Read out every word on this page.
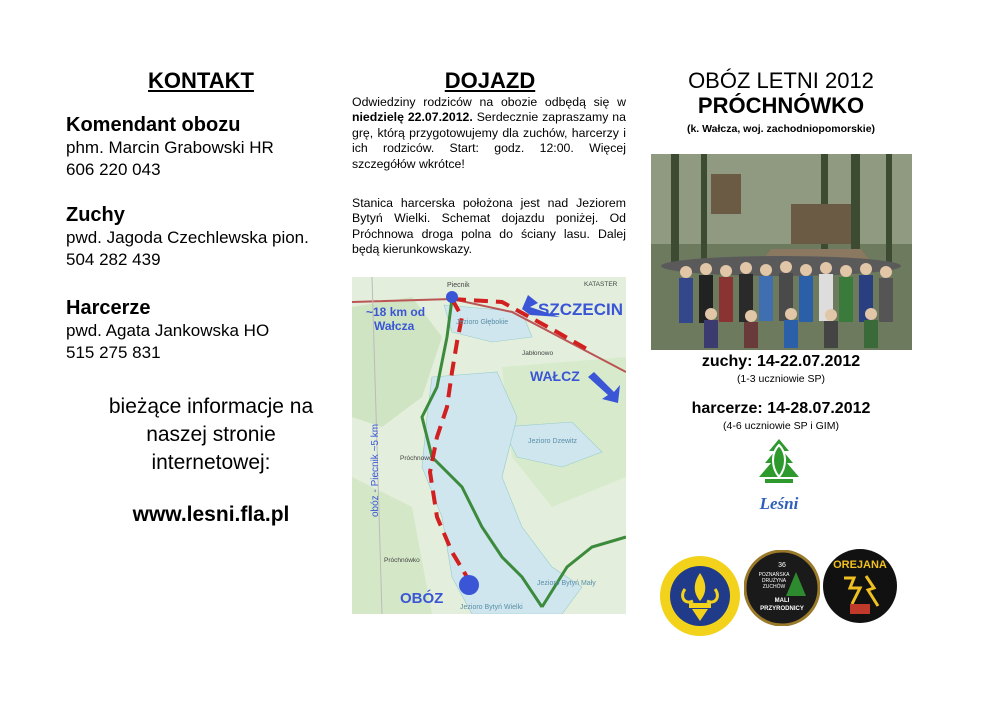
KONTAKT
Komendant obozu
phm. Marcin Grabowski HR
606 220 043
Zuchy
pwd. Jagoda Czechlewska pion.
504 282 439
Harcerze
pwd. Agata Jankowska HO
515 275 831
bieżące informacje na
naszej stronie
internetowej:
www.lesni.fla.pl
DOJAZD
Odwiedziny rodziców na obozie odbędą się w niedzielę 22.07.2012. Serdecznie zapraszamy na grę, którą przygotowujemy dla zuchów, harcerzy i ich rodziców. Start: godz. 12:00. Więcej szczegółów wkrótce!
Stanica harcerska położona jest nad Jeziorem Bytyń Wielki. Schemat dojazdu poniżej. Od Próchnowa droga polna do ściany lasu. Dalej będą kierunkowskazy.
~18 km od
Wałcza
SZCZECIN
WAŁCZ
OBÓZ
obóz - Piecnik ~5 km
Piecnik	KATASTER
Jezioro Głębokie
Jabłonowo
Jezioro Dzewitz
Próchnowo
Próchnówko
Jezioro Bytyń Mały
Jezioro Bytyń Wielki
OBÓZ LETNI 2012
PRÓCHNÓWKO
(k. Wałcza, woj. zachodniopomorskie)
zuchy: 14-22.07.2012
(1-3 uczniowie SP)
harcerze: 14-28.07.2012
(4-6 uczniowie SP i GIM)
Leśni
36
POZNAŃSKA
DRUŻYNA
ZUCHÓW
MALI
PRZYRODNICY
OREJANA
